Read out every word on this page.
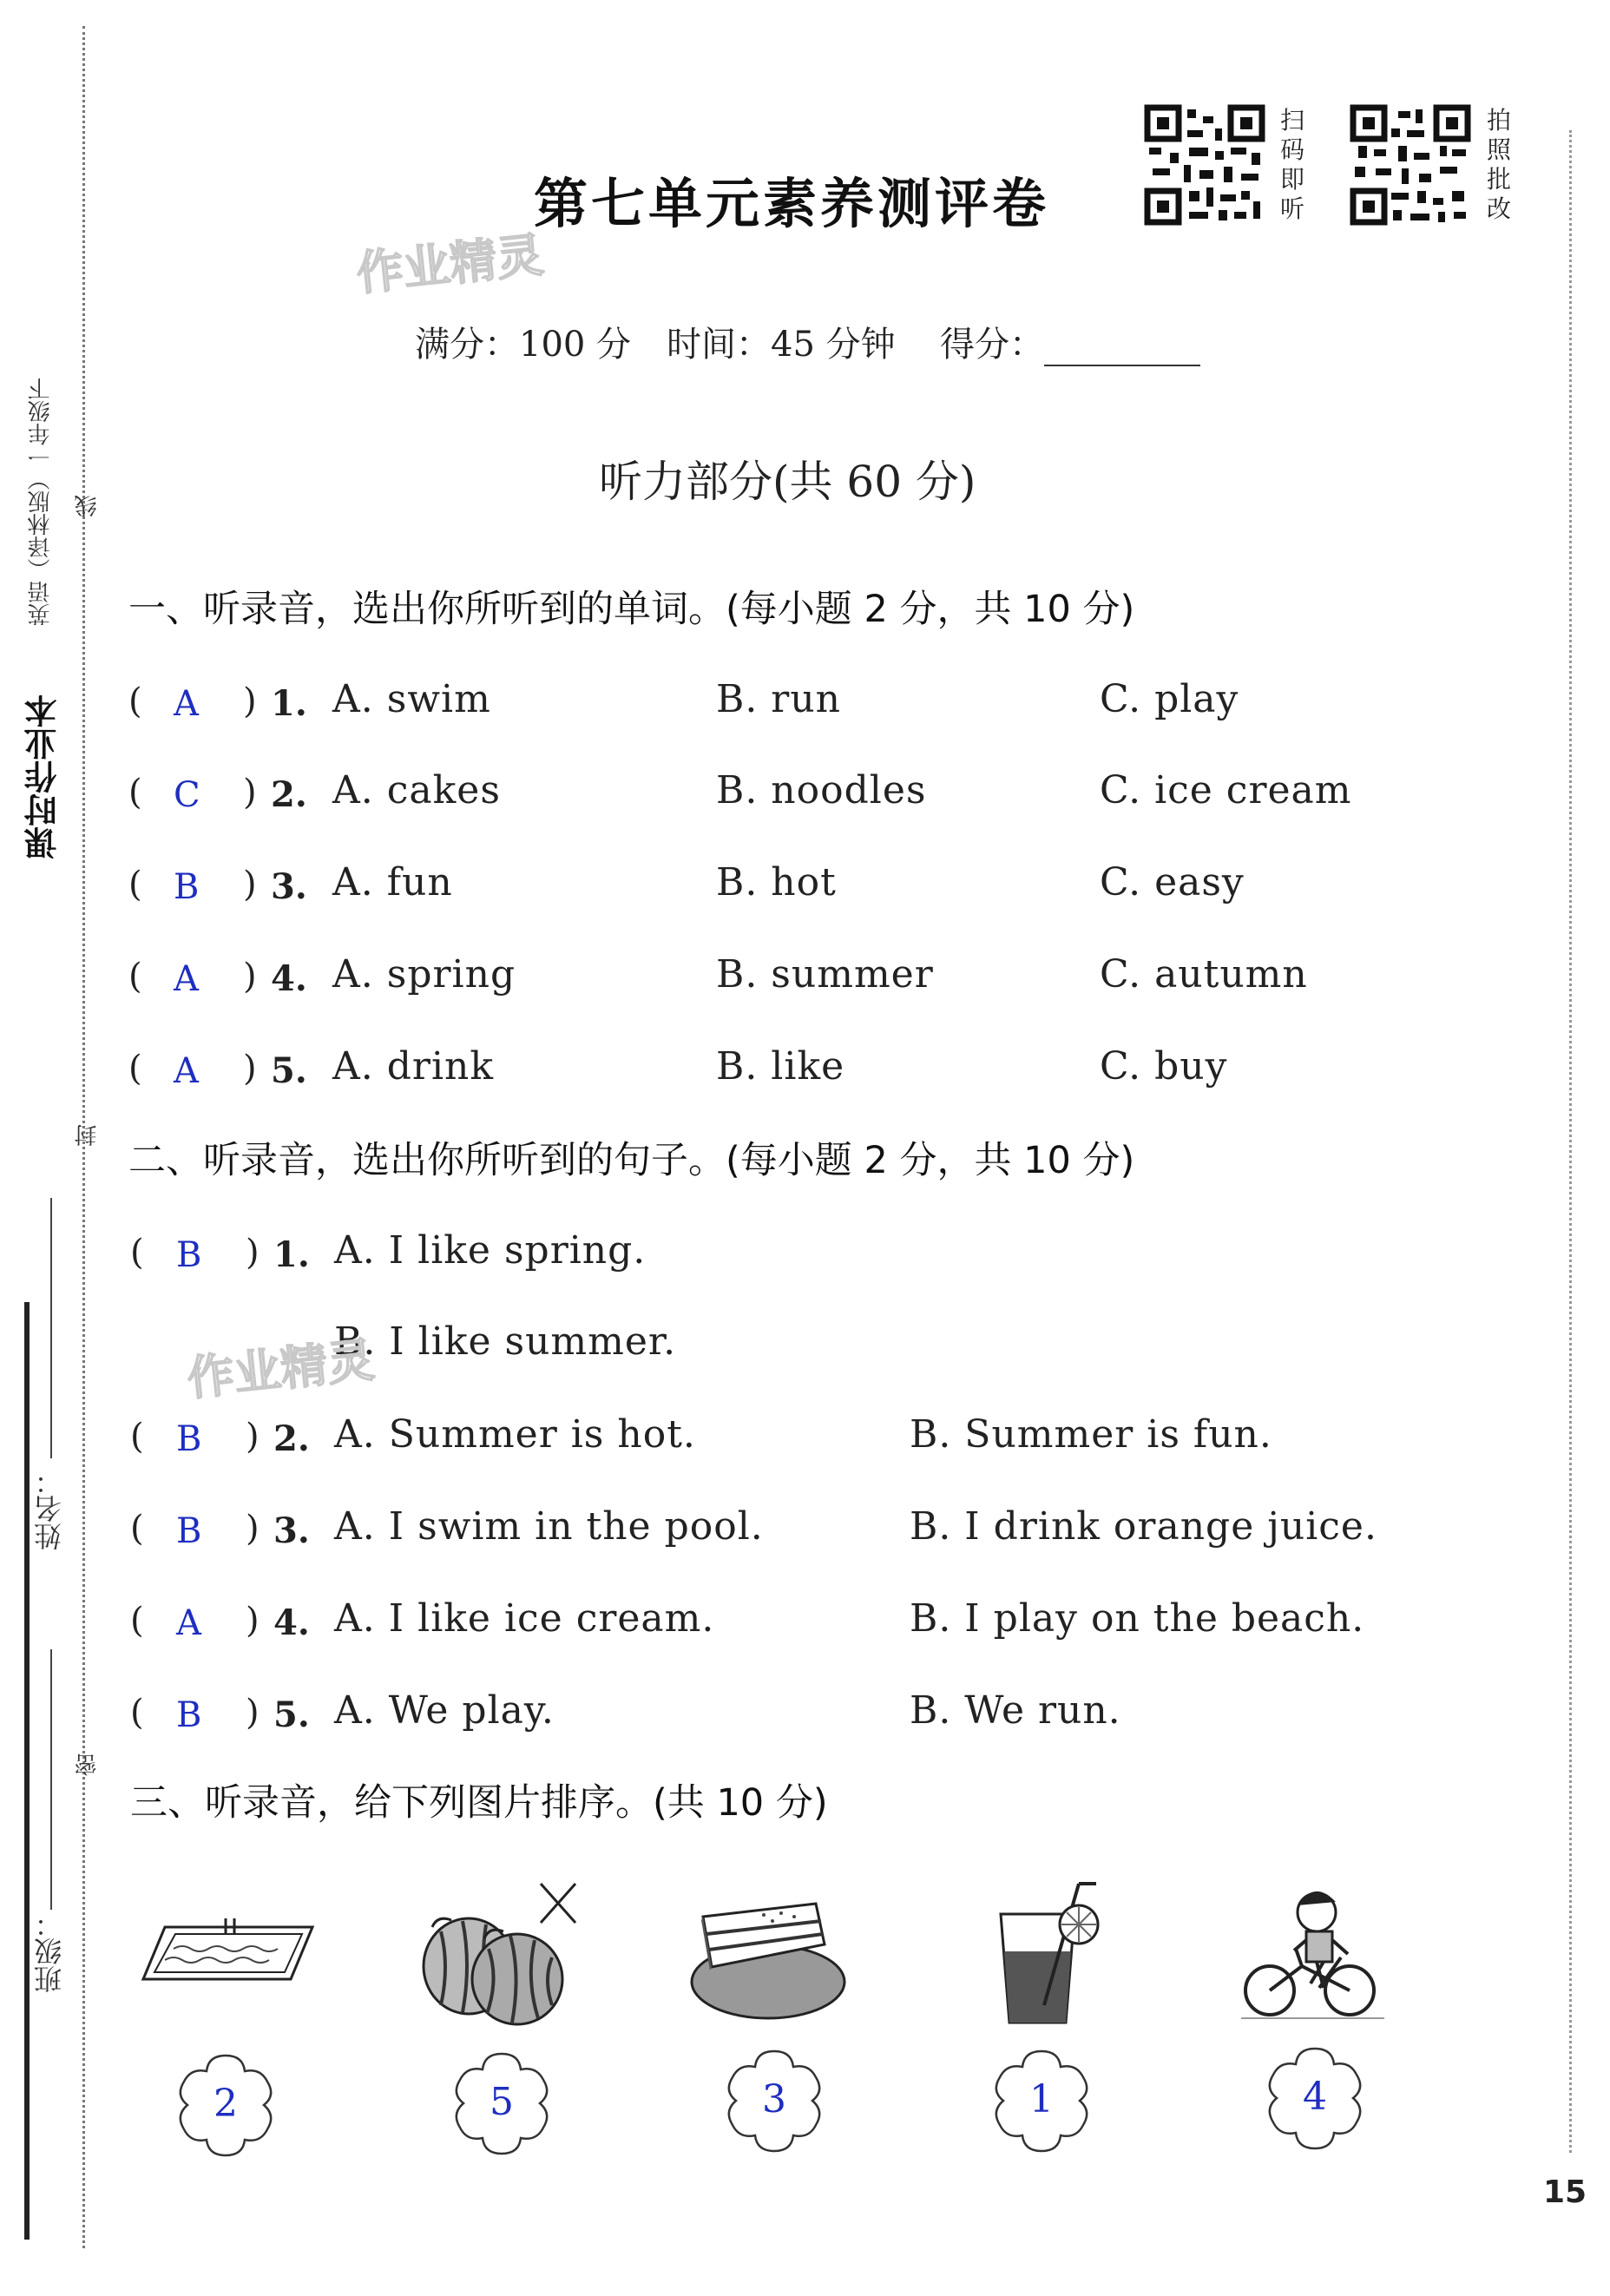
课时作业本
英语（译林版）一年级下 线
封
密
姓名：
班级：
第七单元素养测评卷
作业精灵
扫
码
即
听
拍
照
批
改
满分：100 分 时间：45 分钟 得分：
听力部分(共 60 分)
一、听录音，选出你所听到的单词。(每小题 2 分，共 10 分)
( A ) 1. A. swim	B. run	C. play
( C ) 2. A. cakes	B. noodles	C. ice cream
( B ) 3. A. fun	B. hot	C. easy
( A ) 4. A. spring	B. summer	C. autumn
( A ) 5. A. drink	B. like	C. buy
二、听录音，选出你所听到的句子。(每小题 2 分，共 10 分)
( B ) 1. A. I like spring.
B. I like summer.
作业精灵
( B ) 2. A. Summer is hot.	B. Summer is fun.
( B ) 3. A. I swim in the pool.	B. I drink orange juice.
( A ) 4. A. I like ice cream.	B. I play on the beach.
( B ) 5. A. We play.	B. We run.
三、听录音，给下列图片排序。(共 10 分)
2	5	3	1	4
15
